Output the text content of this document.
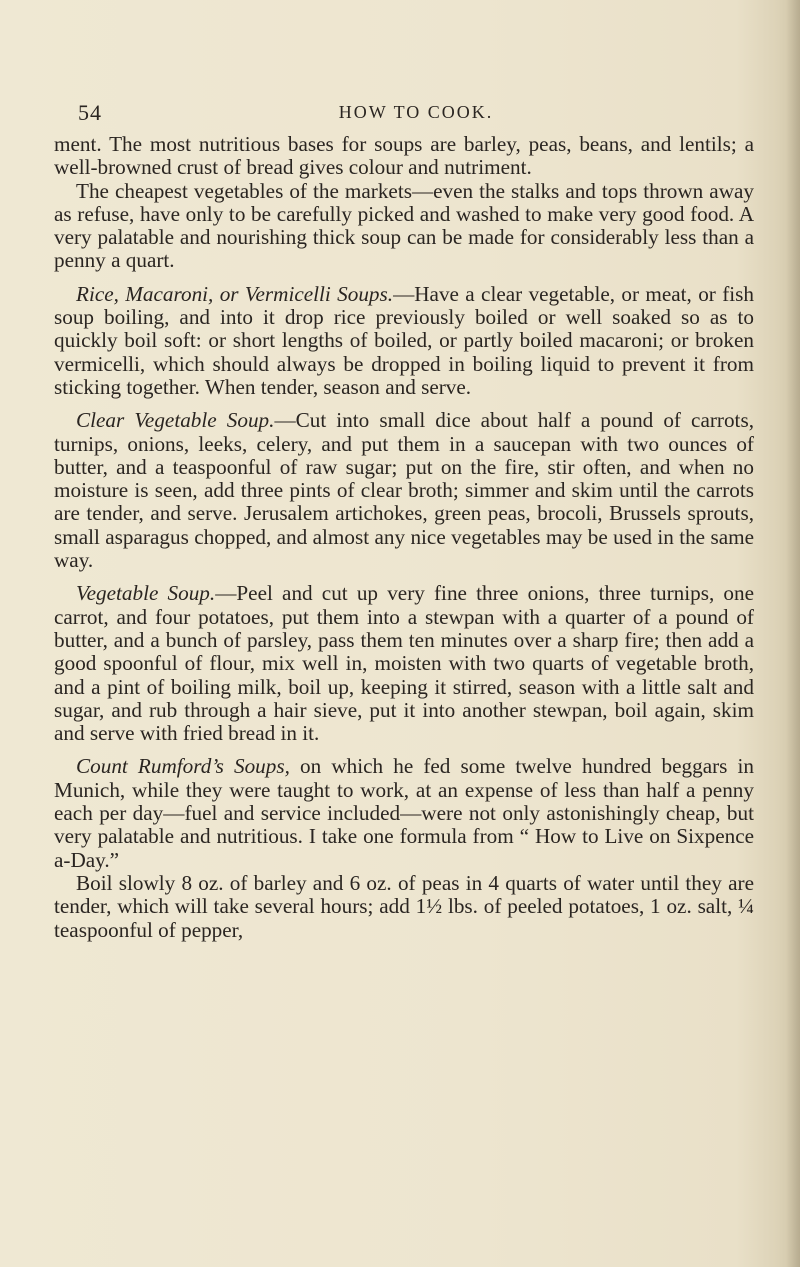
54	HOW TO COOK.

ment. The most nutritious bases for soups are barley, peas, beans, and lentils; a well-browned crust of bread gives colour and nutriment.

The cheapest vegetables of the markets—even the stalks and tops thrown away as refuse, have only to be carefully picked and washed to make very good food. A very palatable and nourishing thick soup can be made for considerably less than a penny a quart.

Rice, Macaroni, or Vermicelli Soups.—Have a clear vegetable, or meat, or fish soup boiling, and into it drop rice previously boiled or well soaked so as to quickly boil soft: or short lengths of boiled, or partly boiled macaroni; or broken vermicelli, which should always be dropped in boiling liquid to prevent it from sticking together. When tender, season and serve.

Clear Vegetable Soup.—Cut into small dice about half a pound of carrots, turnips, onions, leeks, celery, and put them in a saucepan with two ounces of butter, and a teaspoonful of raw sugar; put on the fire, stir often, and when no moisture is seen, add three pints of clear broth; simmer and skim until the carrots are tender, and serve. Jerusalem artichokes, green peas, brocoli, Brussels sprouts, small asparagus chopped, and almost any nice vegetables may be used in the same way.

Vegetable Soup.—Peel and cut up very fine three onions, three turnips, one carrot, and four potatoes, put them into a stewpan with a quarter of a pound of butter, and a bunch of parsley, pass them ten minutes over a sharp fire; then add a good spoonful of flour, mix well in, moisten with two quarts of vegetable broth, and a pint of boiling milk, boil up, keeping it stirred, season with a little salt and sugar, and rub through a hair sieve, put it into another stewpan, boil again, skim and serve with fried bread in it.

Count Rumford’s Soups, on which he fed some twelve hundred beggars in Munich, while they were taught to work, at an expense of less than half a penny each per day—fuel and service included—were not only astonishingly cheap, but very palatable and nutritious. I take one formula from “ How to Live on Sixpence a-Day.”

Boil slowly 8 oz. of barley and 6 oz. of peas in 4 quarts of water until they are tender, which will take several hours; add 1½ lbs. of peeled potatoes, 1 oz. salt, ¼ teaspoonful of pepper,
